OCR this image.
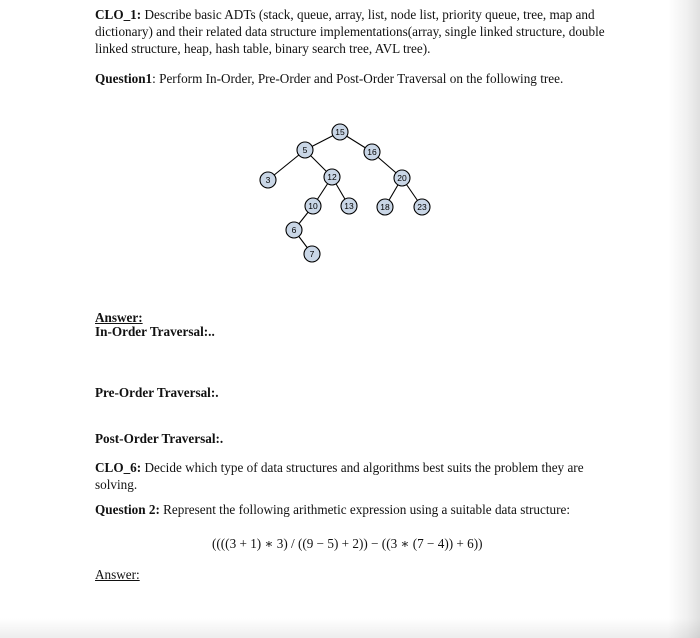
CLO_1: Describe basic ADTs (stack, queue, array, list, node list, priority queue, tree, map and dictionary) and their related data structure implementations(array, single linked structure, double linked structure, heap, hash table, binary search tree, AVL tree).

Question1: Perform In-Order, Pre-Order and Post-Order Traversal on the following tree.

Answer:

In-Order Traversal:..

Pre-Order Traversal:.

Post-Order Traversal:.

CLO_6: Decide which type of data structures and algorithms best suits the problem they are solving.

Question 2: Represent the following arithmetic expression using a suitable data structure:

Answer:

((((3 + 1) ∗ 3) / ((9 − 5) + 2)) − ((3 ∗ (7 − 4)) + 6))
15
5	16
3	12	20
10	13	18	23
6
7
